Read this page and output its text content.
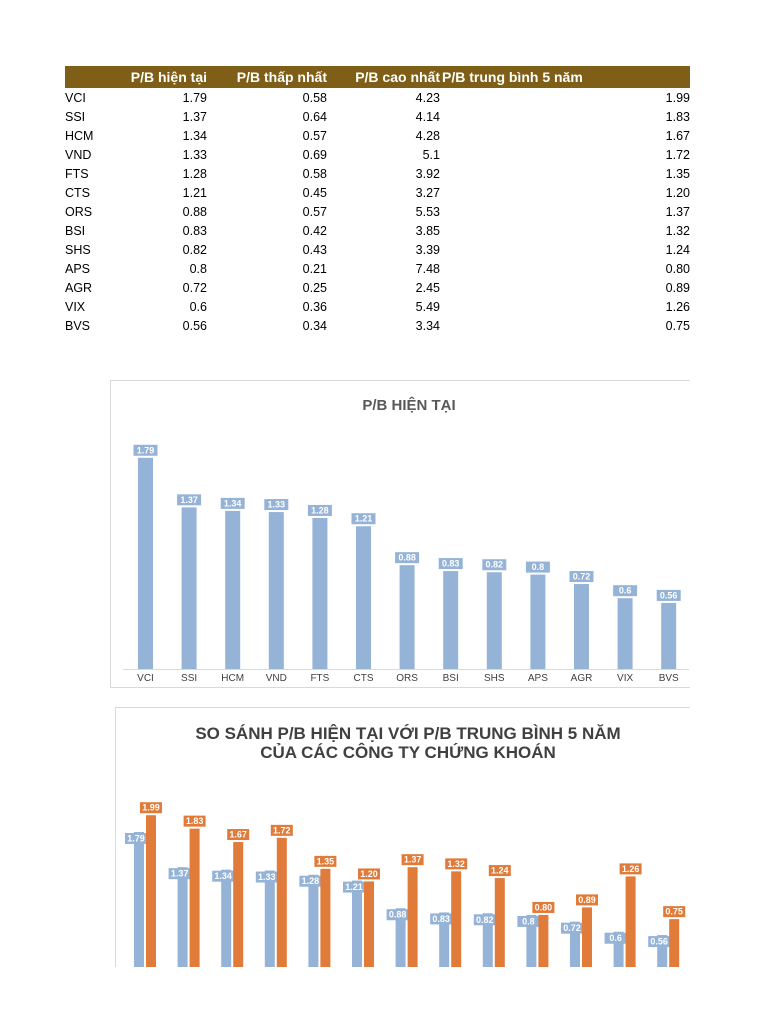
	P/B hiện tại	P/B thấp nhất	P/B cao nhất	P/B trung bình 5 năm
VCI	1.79	0.58	4.23	1.99
SSI	1.37	0.64	4.14	1.83
HCM	1.34	0.57	4.28	1.67
VND	1.33	0.69	5.1	1.72
FTS	1.28	0.58	3.92	1.35
CTS	1.21	0.45	3.27	1.20
ORS	0.88	0.57	5.53	1.37
BSI	0.83	0.42	3.85	1.32
SHS	0.82	0.43	3.39	1.24
APS	0.8	0.21	7.48	0.80
AGR	0.72	0.25	2.45	0.89
VIX	0.6	0.36	5.49	1.26
BVS	0.56	0.34	3.34	0.75
P/B HIỆN TẠI
1.79
VCI
1.37
SSI
1.34
HCM
1.33
VND
1.28
FTS
1.21
CTS
0.88
ORS
0.83
BSI
0.82
SHS
0.8
APS
0.72
AGR
0.6
VIX
0.56
BVS
SO SÁNH P/B HIỆN TẠI VỚI P/B TRUNG BÌNH 5 NĂM
CỦA CÁC CÔNG TY CHỨNG KHOÁN
1.79
1.37	1.34	1.33	1.28
1.21
0.88	0.83	0.82	0.8
0.72
0.6	0.56
1.99
1.83
1.67	1.72
1.35
1.20
1.37	1.32
1.24
0.80
0.89
1.26
0.75
